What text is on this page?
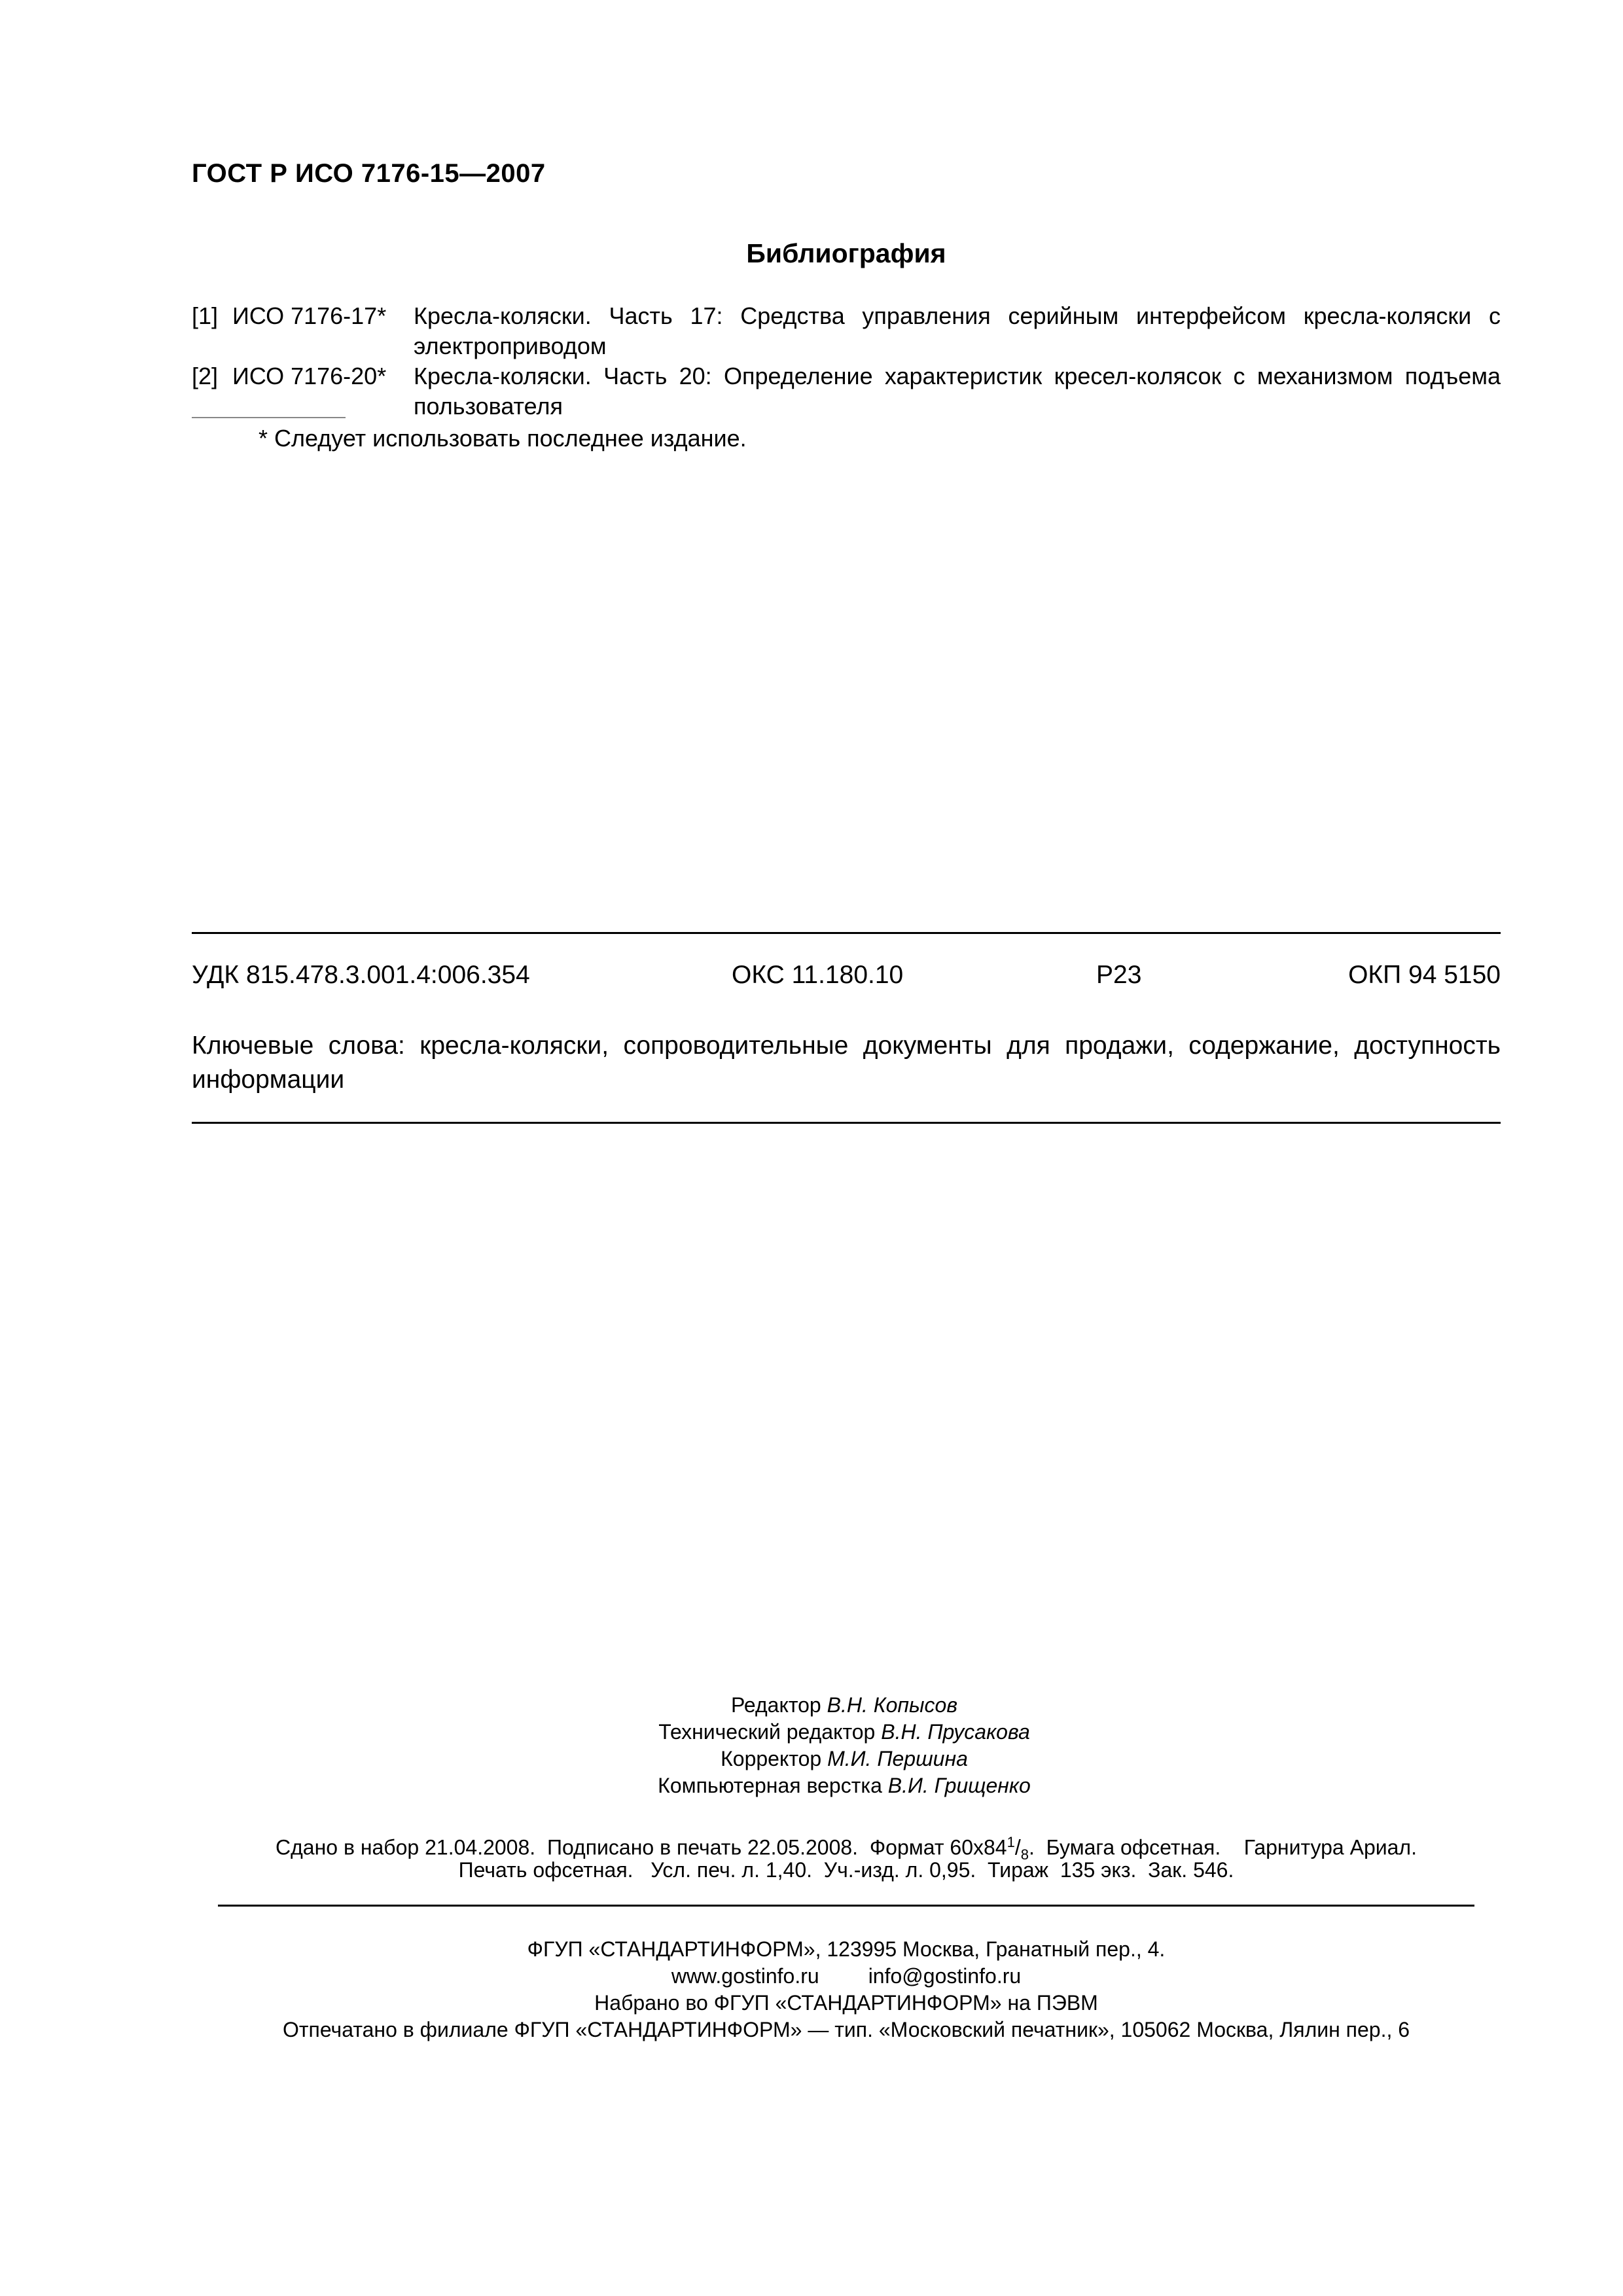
ГОСТ Р ИСО 7176-15—2007
Библиография
[1] ИСО 7176-17* Кресла-коляски. Часть 17: Средства управления серийным интерфейсом кресла-коляски с электроприводом
[2] ИСО 7176-20* Кресла-коляски. Часть 20: Определение характеристик кресел-колясок с механизмом подъема пользователя
* Следует использовать последнее издание.
УДК 815.478.3.001.4:006.354	ОКС 11.180.10	Р23	ОКП 94 5150
Ключевые слова: кресла-коляски, сопроводительные документы для продажи, содержание, доступность информации
Редактор В.Н. Копысов
Технический редактор В.Н. Прусакова
Корректор М.И. Першина
Компьютерная верстка В.И. Грищенко
Сдано в набор 21.04.2008.  Подписано в печать 22.05.2008.  Формат $60x84^1/_8$.  Бумага офсетная.    Гарнитура Ариал.
Печать офсетная.   Усл. печ. л. 1,40.  Уч.-изд. л. 0,95.  Тираж  135 экз.  Зак. 546.
ФГУП «СТАНДАРТИНФОРМ», 123995 Москва, Гранатный пер., 4.
www.gostinfo.ru info@gostinfo.ru
Набрано во ФГУП «СТАНДАРТИНФОРМ» на ПЭВМ
Отпечатано в филиале ФГУП «СТАНДАРТИНФОРМ» — тип. «Московский печатник», 105062 Москва, Лялин пер., 6
